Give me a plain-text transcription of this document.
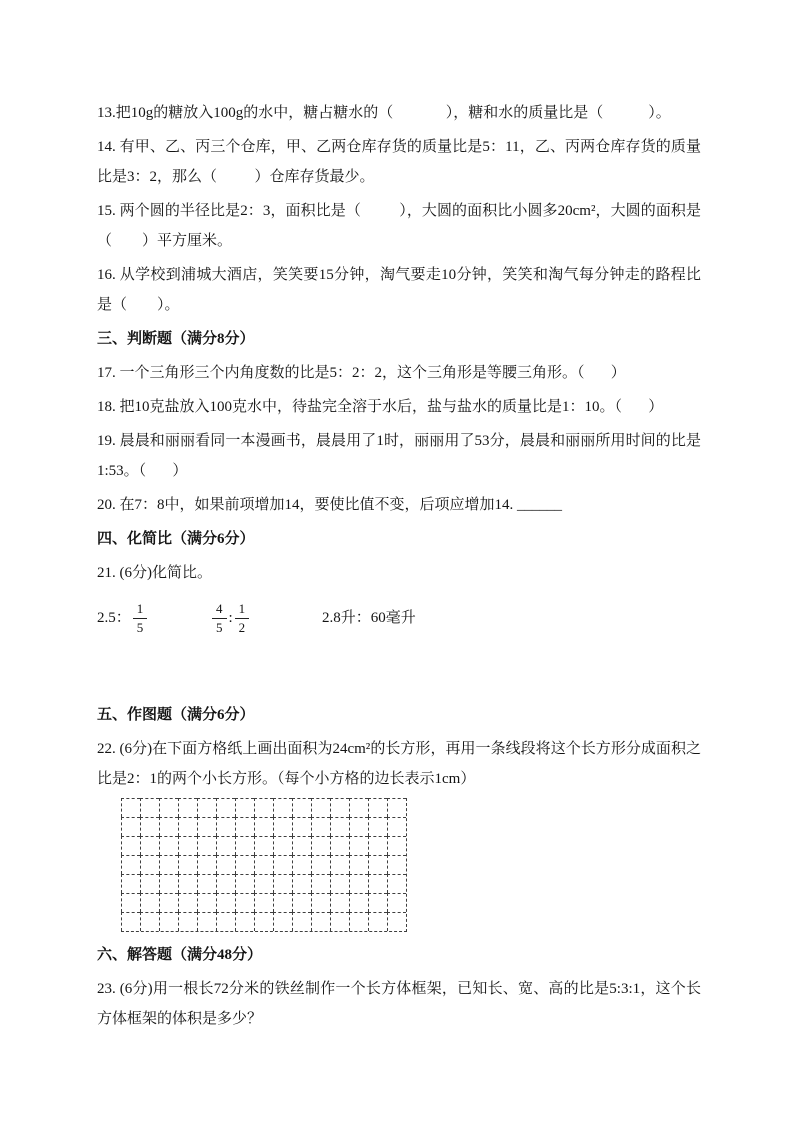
13.把10g的糖放入100g的水中，糖占糖水的（              ），糖和水的质量比是（            ）。

14. 有甲、乙、丙三个仓库，甲、乙两仓库存货的质量比是5：11，乙、丙两仓库存货的质量比是3：2，那么（          ）仓库存货最少。

15. 两个圆的半径比是2：3，面积比是（          ），大圆的面积比小圆多20cm²，大圆的面积是（        ）平方厘米。

16. 从学校到浦城大酒店，笑笑要15分钟，淘气要走10分钟，笑笑和淘气每分钟走的路程比是（        ）。

三、判断题（满分8分）

17. 一个三角形三个内角度数的比是5：2：2，这个三角形是等腰三角形。（       ）

18. 把10克盐放入100克水中，待盐完全溶于水后，盐与盐水的质量比是1：10。（       ）

19. 晨晨和丽丽看同一本漫画书，晨晨用了1时，丽丽用了53分，晨晨和丽丽所用时间的比是1:53。（       ）

20. 在7：8中，如果前项增加14，要使比值不变，后项应增加14. ______

四、化简比（满分6分）

21. (6分)化简比。

2.5： $\frac{1}{5}$	$\frac{4}{5}$ : $\frac{1}{2}$	2.8升：60毫升
五、作图题（满分6分）

22. (6分)在下面方格纸上画出面积为24cm²的长方形，再用一条线段将这个长方形分成面积之比是2：1的两个小长方形。（每个小方格的边长表示1cm）

六、解答题（满分48分）

23. (6分)用一根长72分米的铁丝制作一个长方体框架，已知长、宽、高的比是5:3:1，这个长方体框架的体积是多少？
